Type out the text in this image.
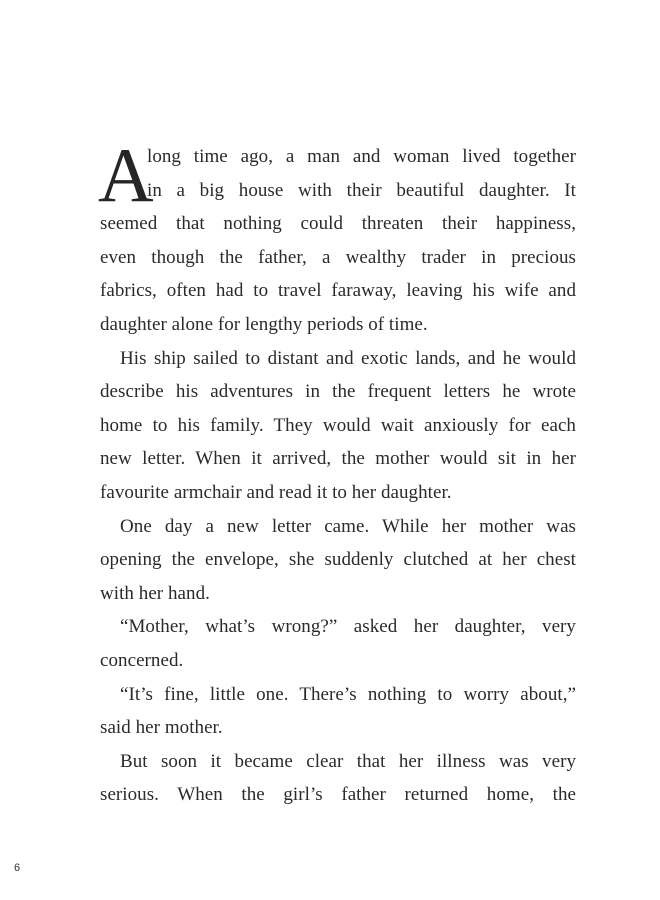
A
long time ago, a man and woman lived together
in a big house with their beautiful daughter. It
seemed that nothing could threaten their happiness,
even though the father, a wealthy trader in precious
fabrics, often had to travel faraway, leaving his wife and
daughter alone for lengthy periods of time.
His ship sailed to distant and exotic lands, and he would
describe his adventures in the frequent letters he wrote
home to his family. They would wait anxiously for each
new letter. When it arrived, the mother would sit in her
favourite armchair and read it to her daughter.
One day a new letter came. While her mother was
opening the envelope, she suddenly clutched at her chest
with her hand.
“Mother, what’s wrong?” asked her daughter, very
concerned.
“It’s fine, little one. There’s nothing to worry about,”
said her mother.
But soon it became clear that her illness was very
serious. When the girl’s father returned home, the
6
